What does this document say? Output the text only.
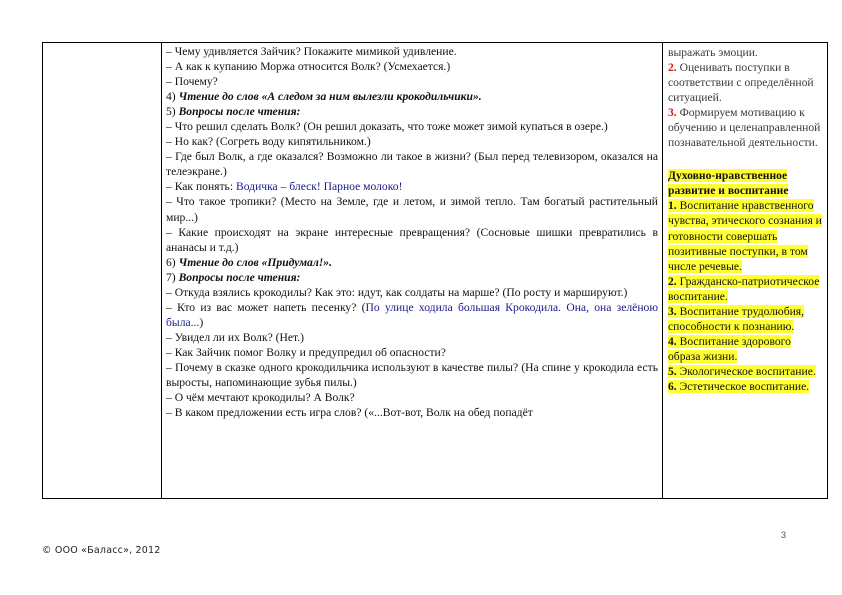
– Чему удивляется Зайчик? Покажите мимикой удивление.
– А как к купанию Моржа относится Волк? (Усмехается.)
– Почему?
4) Чтение до слов «А следом за ним вылезли крокодильчики».
5) Вопросы после чтения:
– Что решил сделать Волк? (Он решил доказать, что тоже может зимой купаться в озере.)
– Но как? (Согреть воду кипятильником.)
– Где был Волк, а где оказался? Возможно ли такое в жизни? (Был перед телевизором, оказался на телеэкране.)
– Как понять: Водичка – блеск! Парное молоко!
– Что такое тропики? (Место на Земле, где и летом, и зимой тепло. Там богатый растительный мир...)
– Какие происходят на экране интересные превращения? (Сосновые шишки превратились в ананасы и т.д.)
6) Чтение до слов «Придумал!».
7) Вопросы после чтения:
– Откуда взялись крокодилы? Как это: идут, как солдаты на марше? (По росту и маршируют.)
– Кто из вас может напеть песенку? (По улице ходила большая Крокодила. Она, она зелёною была...)
– Увидел ли их Волк? (Нет.)
– Как Зайчик помог Волку и предупредил об опасности?
– Почему в сказке одного крокодильчика используют в качестве пилы? (На спине у крокодила есть выросты, напоминающие зубья пилы.)
– О чём мечтают крокодилы? А Волк?
– В каком предложении есть игра слов? («...Вот-вот, Волк на обед попадёт
выражать эмоции.
2. Оценивать поступки в соответствии с определённой ситуацией.
3. Формируем мотивацию к обучению и целенаправленной познавательной деятельности.
Духовно-нравственное развитие и воспитание
1. Воспитание нравственного чувства, этического сознания и готовности совершать позитивные поступки, в том числе речевые.
2. Гражданско-патриотическое воспитание.
3. Воспитание трудолюбия, способности к познанию.
4. Воспитание здорового образа жизни.
5. Экологическое воспитание.
6. Эстетическое воспитание.
3
© ООО «Баласс», 2012
